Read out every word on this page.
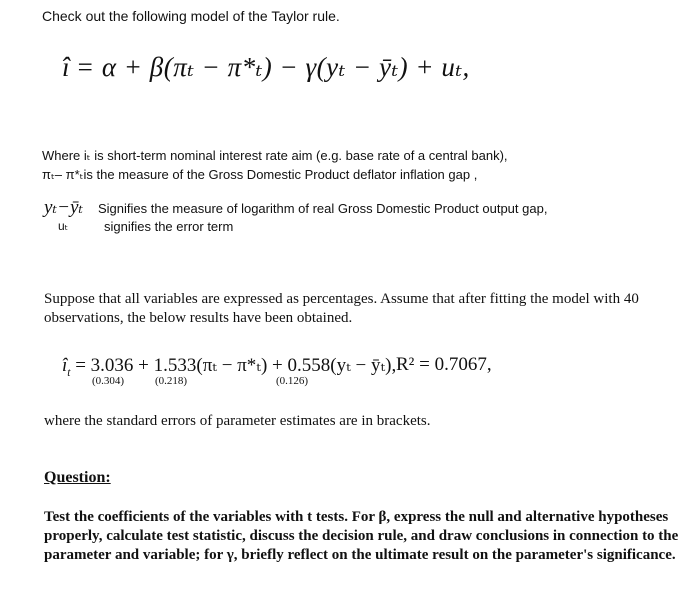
Check out the following model of the Taylor rule.
î = α + β(πₜ − π*ₜ) − γ(yₜ − ȳₜ) + uₜ,
Where iₜ is short-term nominal interest rate aim (e.g. base rate of a central bank),
πₜ– π*ₜis the measure of the Gross Domestic Product deflator inflation gap ,
yₜ−ȳₜ Signifies the measure of logarithm of real Gross Domestic Product output gap,
uₜ	signifies the error term
Suppose that all variables are expressed as percentages. Assume that after fitting the model with 40 observations, the below results have been obtained.
$î_t = 3.036 + 1.533(\pi_t - \pi*_t) + 0.558(y_t$ − ȳₜ),
(0.304)	(0.218)	(0.126)
R² = 0.7067,
where the standard errors of parameter estimates are in brackets.
Question:
Test the coefficients of the variables with t tests. For β, express the null and alternative hypotheses properly, calculate test statistic, discuss the decision rule, and draw conclusions in connection to the parameter and variable; for γ, briefly reflect on the ultimate result on the parameter's significance.
